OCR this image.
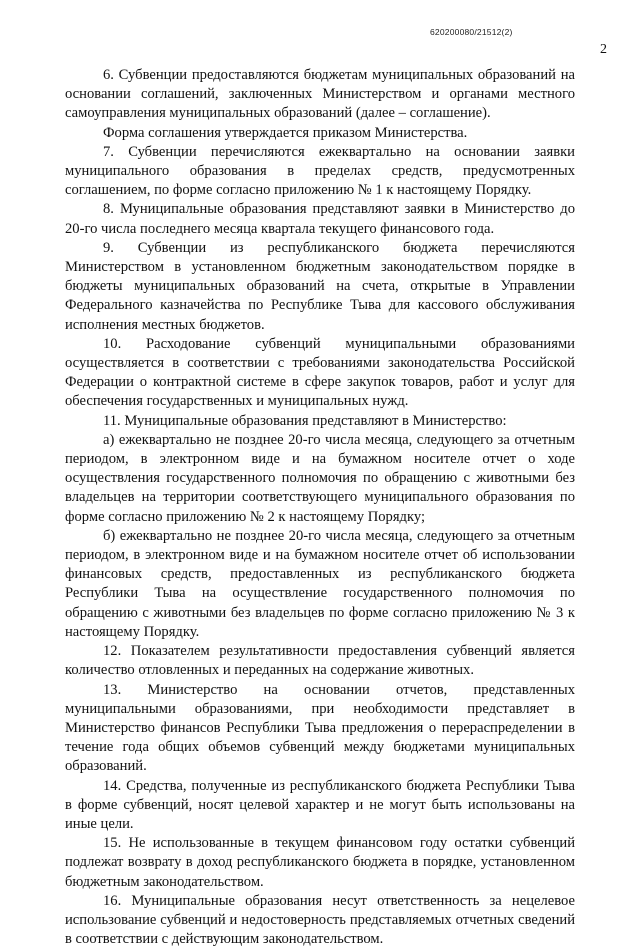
620200080/21512(2)
2

6. Субвенции предоставляются бюджетам муниципальных образований на основании соглашений, заключенных Министерством и органами местного самоуправления муниципальных образований (далее – соглашение).

Форма соглашения утверждается приказом Министерства.

7. Субвенции перечисляются ежеквартально на основании заявки муниципального образования в пределах средств, предусмотренных соглашением, по форме согласно приложению № 1 к настоящему Порядку.

8. Муниципальные образования представляют заявки в Министерство до 20-го числа последнего месяца квартала текущего финансового года.

9. Субвенции из республиканского бюджета перечисляются Министерством в установленном бюджетным законодательством порядке в бюджеты муниципальных образований на счета, открытые в Управлении Федерального казначейства по Республике Тыва для кассового обслуживания исполнения местных бюджетов.

10. Расходование субвенций муниципальными образованиями осуществляется в соответствии с требованиями законодательства Российской Федерации о контрактной системе в сфере закупок товаров, работ и услуг для обеспечения государственных и муниципальных нужд.

11. Муниципальные образования представляют в Министерство:

а) ежеквартально не позднее 20-го числа месяца, следующего за отчетным периодом, в электронном виде и на бумажном носителе отчет о ходе осуществления государственного полномочия по обращению с животными без владельцев на территории соответствующего муниципального образования по форме согласно приложению № 2 к настоящему Порядку;

б) ежеквартально не позднее 20-го числа месяца, следующего за отчетным периодом, в электронном виде и на бумажном носителе отчет об использовании финансовых средств, предоставленных из республиканского бюджета Республики Тыва на осуществление государственного полномочия по обращению с животными без владельцев по форме согласно приложению № 3 к настоящему Порядку.

12. Показателем результативности предоставления субвенций является количество отловленных и переданных на содержание животных.

13. Министерство на основании отчетов, представленных муниципальными образованиями, при необходимости представляет в Министерство финансов Республики Тыва предложения о перераспределении в течение года общих объемов субвенций между бюджетами муниципальных образований.

14. Средства, полученные из республиканского бюджета Республики Тыва в форме субвенций, носят целевой характер и не могут быть использованы на иные цели.

15. Не использованные в текущем финансовом году остатки субвенций подлежат возврату в доход республиканского бюджета в порядке, установленном бюджетным законодательством.

16. Муниципальные образования несут ответственность за нецелевое использование субвенций и недостоверность представляемых отчетных сведений в соответствии с действующим законодательством.
